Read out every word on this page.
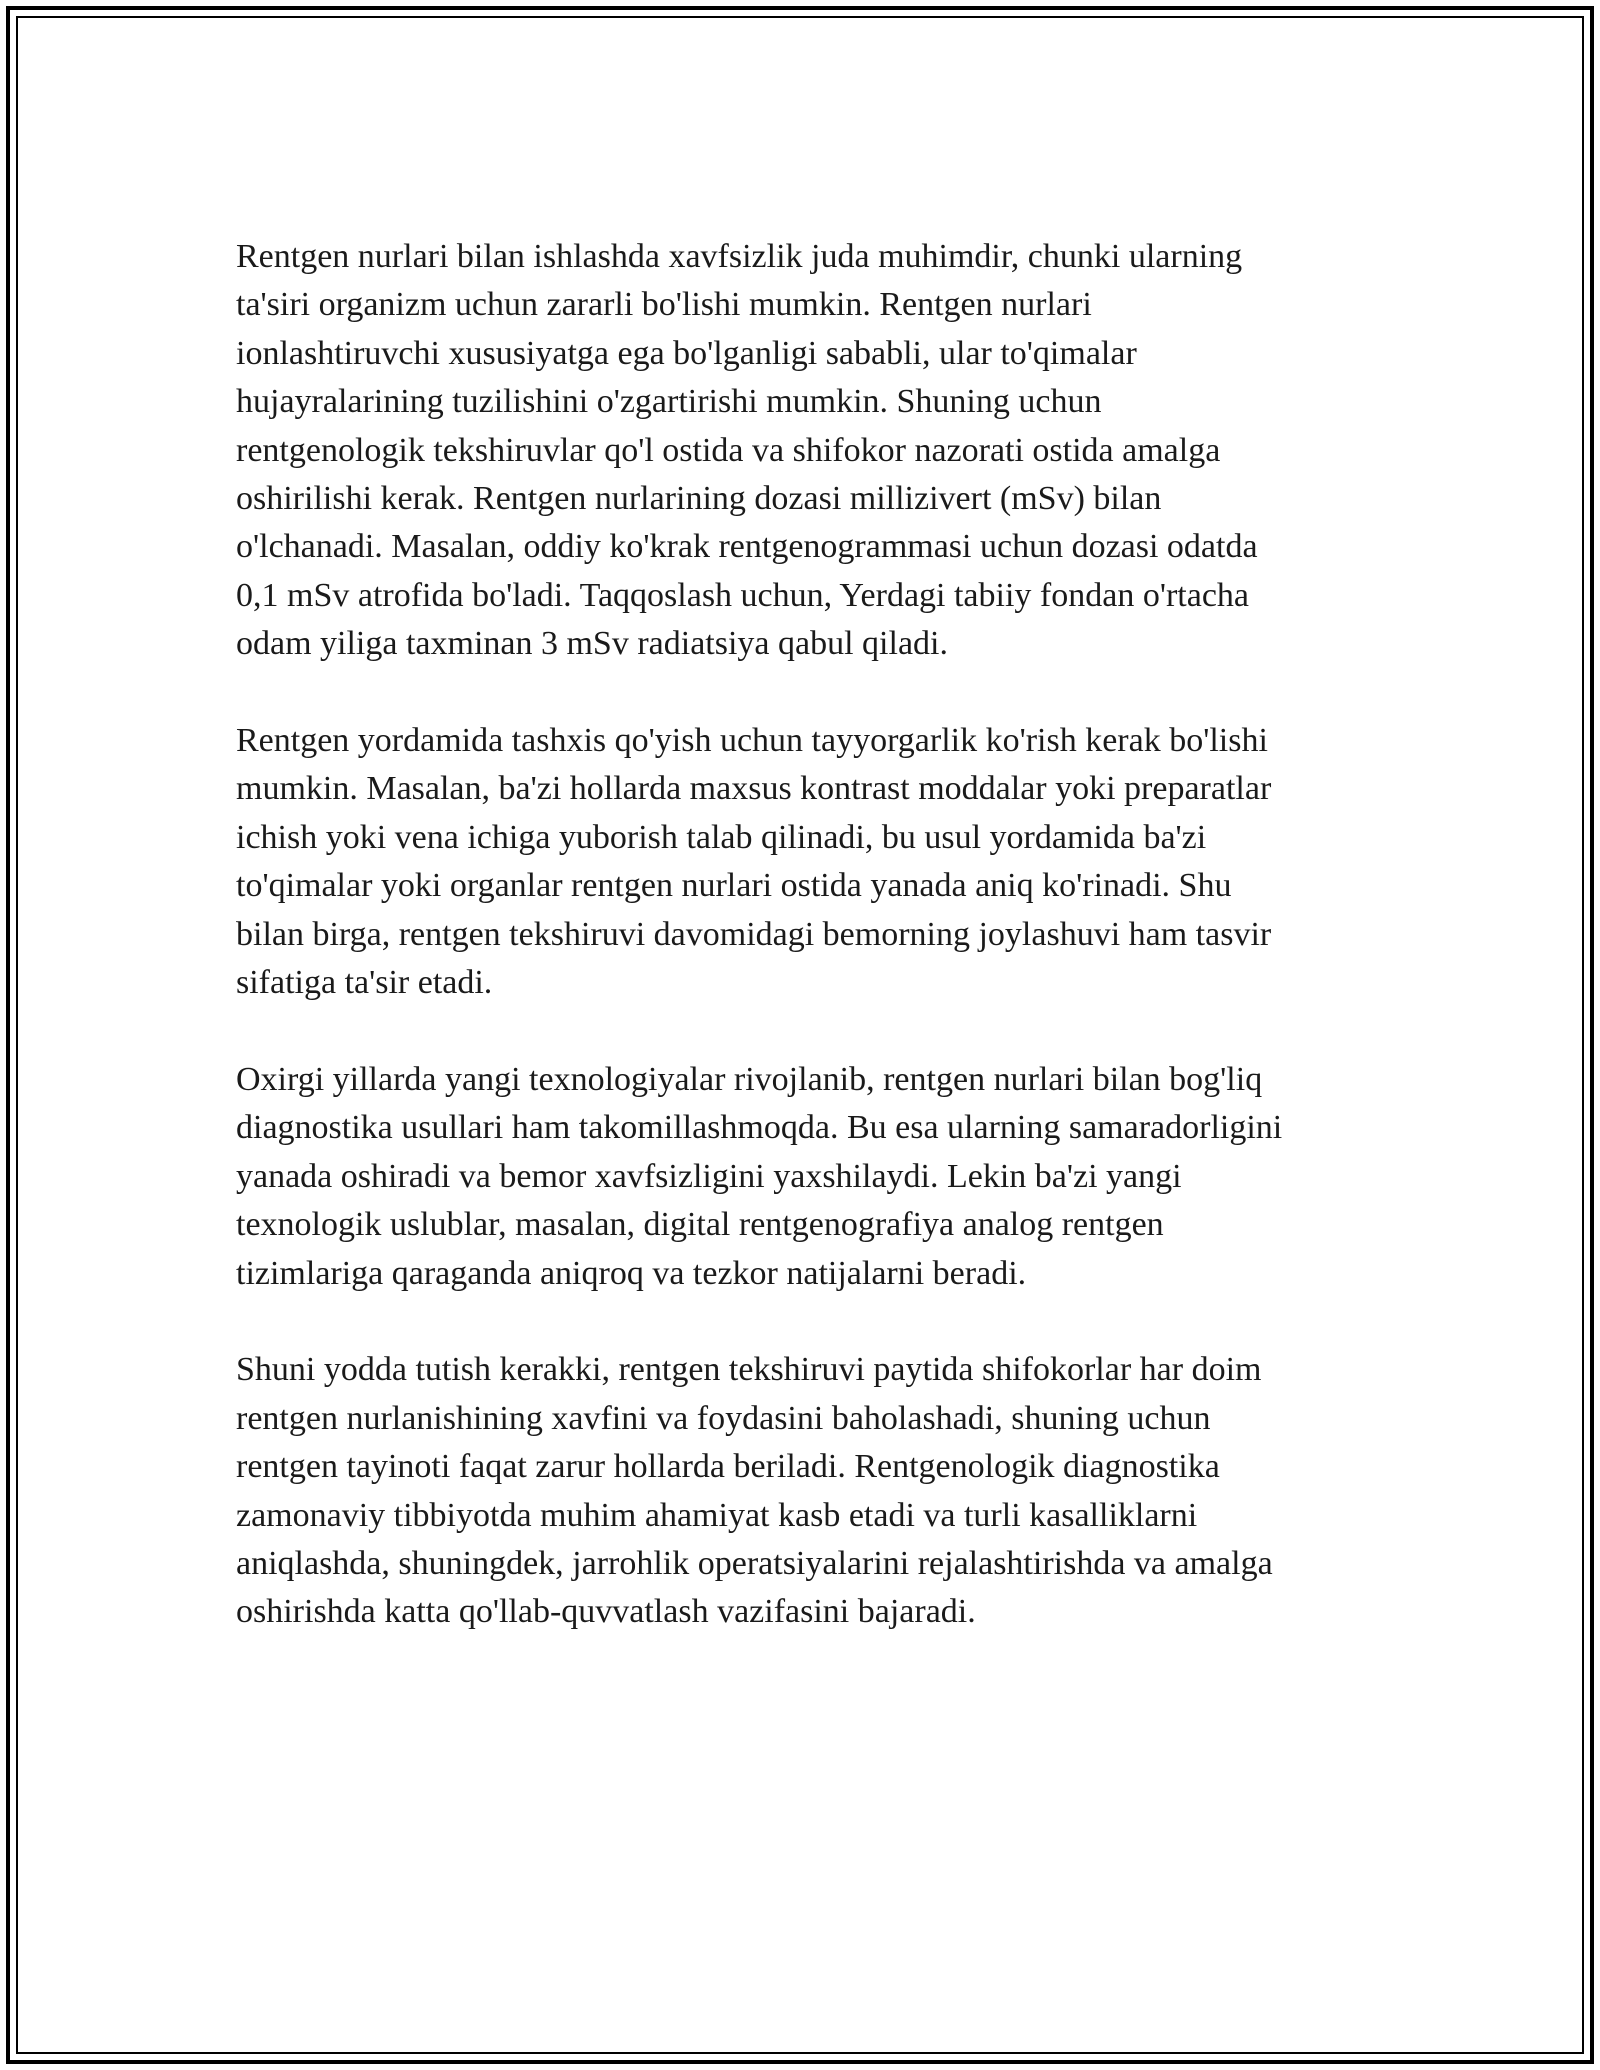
Rentgen nurlari bilan ishlashda xavfsizlik juda muhimdir, chunki ularning
ta'siri organizm uchun zararli bo'lishi mumkin. Rentgen nurlari
ionlashtiruvchi xususiyatga ega bo'lganligi sababli, ular to'qimalar
hujayralarining tuzilishini o'zgartirishi mumkin. Shuning uchun
rentgenologik tekshiruvlar qo'l ostida va shifokor nazorati ostida amalga
oshirilishi kerak. Rentgen nurlarining dozasi millizivert (mSv) bilan
o'lchanadi. Masalan, oddiy ko'krak rentgenogrammasi uchun dozasi odatda
0,1 mSv atrofida bo'ladi. Taqqoslash uchun, Yerdagi tabiiy fondan o'rtacha
odam yiliga taxminan 3 mSv radiatsiya qabul qiladi.

Rentgen yordamida tashxis qo'yish uchun tayyorgarlik ko'rish kerak bo'lishi
mumkin. Masalan, ba'zi hollarda maxsus kontrast moddalar yoki preparatlar
ichish yoki vena ichiga yuborish talab qilinadi, bu usul yordamida ba'zi
to'qimalar yoki organlar rentgen nurlari ostida yanada aniq ko'rinadi. Shu
bilan birga, rentgen tekshiruvi davomidagi bemorning joylashuvi ham tasvir
sifatiga ta'sir etadi.

Oxirgi yillarda yangi texnologiyalar rivojlanib, rentgen nurlari bilan bog'liq
diagnostika usullari ham takomillashmoqda. Bu esa ularning samaradorligini
yanada oshiradi va bemor xavfsizligini yaxshilaydi. Lekin ba'zi yangi
texnologik uslublar, masalan, digital rentgenografiya analog rentgen
tizimlariga qaraganda aniqroq va tezkor natijalarni beradi.

Shuni yodda tutish kerakki, rentgen tekshiruvi paytida shifokorlar har doim
rentgen nurlanishining xavfini va foydasini baholashadi, shuning uchun
rentgen tayinoti faqat zarur hollarda beriladi. Rentgenologik diagnostika
zamonaviy tibbiyotda muhim ahamiyat kasb etadi va turli kasalliklarni
aniqlashda, shuningdek, jarrohlik operatsiyalarini rejalashtirishda va amalga
oshirishda katta qo'llab-quvvatlash vazifasini bajaradi.
